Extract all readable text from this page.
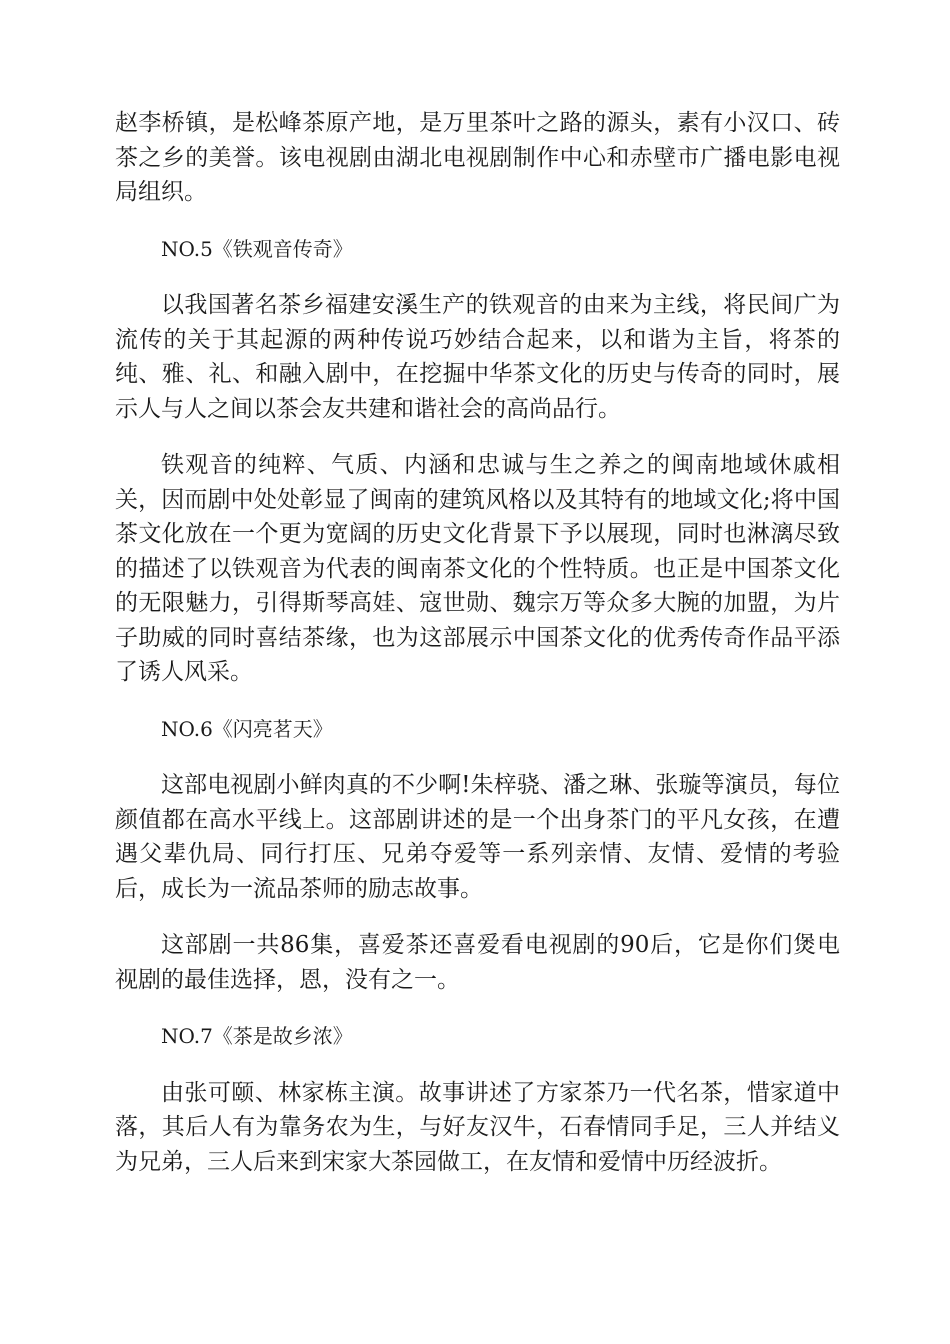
赵李桥镇，是松峰茶原产地，是万里茶叶之路的源头，素有小汉口、砖茶之乡的美誉。该电视剧由湖北电视剧制作中心和赤壁市广播电影电视局组织。

NO.5《铁观音传奇》

以我国著名茶乡福建安溪生产的铁观音的由来为主线，将民间广为流传的关于其起源的两种传说巧妙结合起来，以和谐为主旨，将茶的纯、雅、礼、和融入剧中，在挖掘中华茶文化的历史与传奇的同时，展示人与人之间以茶会友共建和谐社会的高尚品行。

铁观音的纯粹、气质、内涵和忠诚与生之养之的闽南地域休戚相关，因而剧中处处彰显了闽南的建筑风格以及其特有的地域文化;将中国茶文化放在一个更为宽阔的历史文化背景下予以展现，同时也淋漓尽致的描述了以铁观音为代表的闽南茶文化的个性特质。也正是中国茶文化的无限魅力，引得斯琴高娃、寇世勋、魏宗万等众多大腕的加盟，为片子助威的同时喜结茶缘，也为这部展示中国茶文化的优秀传奇作品平添了诱人风采。

NO.6《闪亮茗天》

这部电视剧小鲜肉真的不少啊!朱梓骁、潘之琳、张璇等演员，每位颜值都在高水平线上。这部剧讲述的是一个出身茶门的平凡女孩，在遭遇父辈仇局、同行打压、兄弟夺爱等一系列亲情、友情、爱情的考验后，成长为一流品茶师的励志故事。

这部剧一共86集，喜爱茶还喜爱看电视剧的90后，它是你们煲电视剧的最佳选择，恩，没有之一。

NO.7《茶是故乡浓》

由张可颐、林家栋主演。故事讲述了方家茶乃一代名茶，惜家道中落，其后人有为靠务农为生，与好友汉牛，石春情同手足，三人并结义为兄弟，三人后来到宋家大茶园做工，在友情和爱情中历经波折。
